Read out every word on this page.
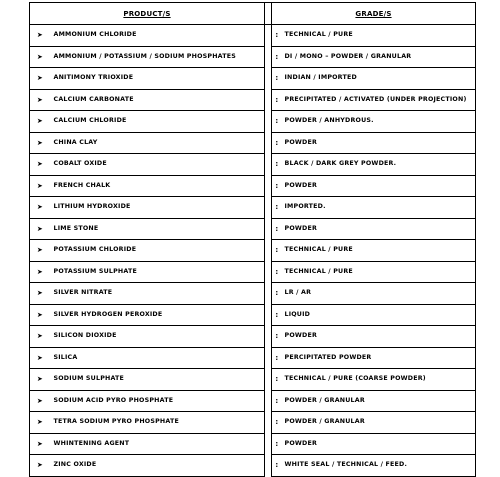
PRODUCT/S			GRADE/S	
➤	AMMONIUM CHLORIDE		:	TECHNICAL / PURE
➤	AMMONIUM / POTASSIUM / SODIUM PHOSPHATES		:	DI / MONO – POWDER / GRANULAR
➤	ANITIMONY TRIOXIDE		:	INDIAN / IMPORTED
➤	CALCIUM CARBONATE		:	PRECIPITATED / ACTIVATED (UNDER PROJECTION)
➤	CALCIUM CHLORIDE		:	POWDER / ANHYDROUS.
➤	CHINA CLAY		:	POWDER
➤	COBALT OXIDE		:	BLACK / DARK GREY POWDER.
➤	FRENCH CHALK		:	POWDER
➤	LITHIUM HYDROXIDE		:	IMPORTED.
➤	LIME STONE		:	POWDER
➤	POTASSIUM CHLORIDE		:	TECHNICAL / PURE
➤	POTASSIUM SULPHATE		:	TECHNICAL / PURE
➤	SILVER NITRATE		:	LR / AR
➤	SILVER HYDROGEN PEROXIDE		:	LIQUID
➤	SILICON DIOXIDE		:	POWDER
➤	SILICA		:	PERCIPITATED POWDER
➤	SODIUM SULPHATE		:	TECHNICAL / PURE (COARSE POWDER)
➤	SODIUM ACID PYRO PHOSPHATE		:	POWDER / GRANULAR
➤	TETRA SODIUM PYRO PHOSPHATE		:	POWDER / GRANULAR
➤	WHINTENING AGENT		:	POWDER
➤	ZINC OXIDE		:	WHITE SEAL / TECHNICAL / FEED.
